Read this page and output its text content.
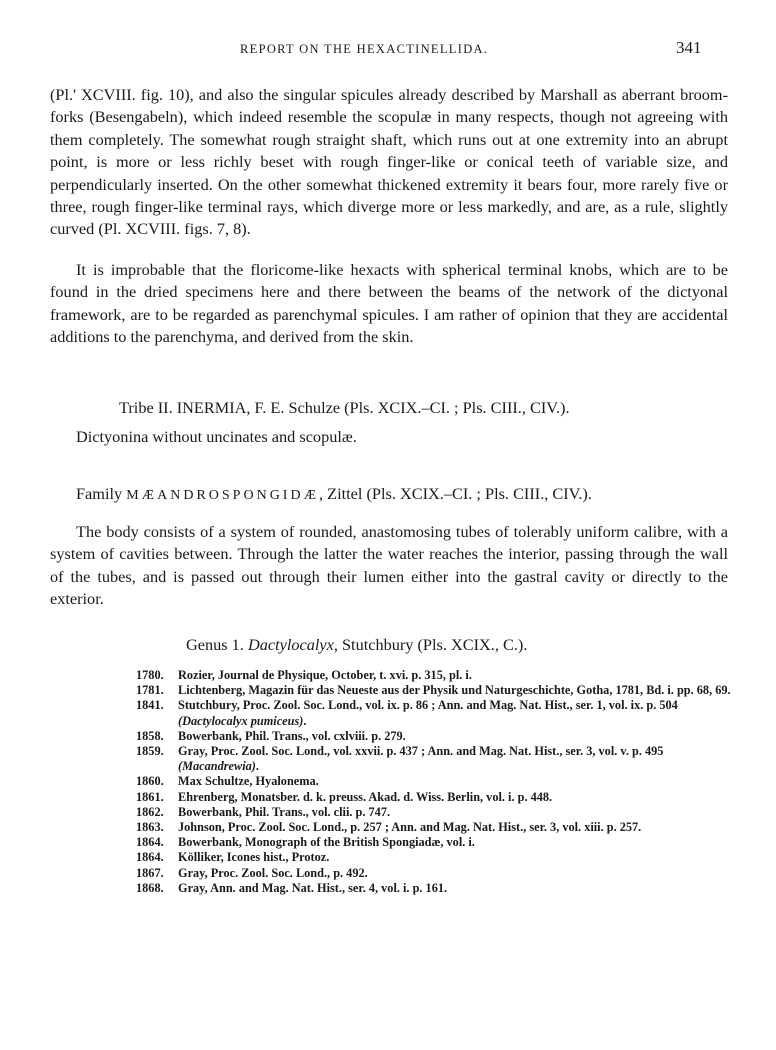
REPORT ON THE HEXACTINELLIDA.	341

(Pl.' XCVIII. fig. 10), and also the singular spicules already described by Marshall as aberrant broom-forks (Besengabeln), which indeed resemble the scopulæ in many respects, though not agreeing with them completely. The somewhat rough straight shaft, which runs out at one extremity into an abrupt point, is more or less richly beset with rough finger-like or conical teeth of variable size, and perpendicularly inserted. On the other somewhat thickened extremity it bears four, more rarely five or three, rough finger-like terminal rays, which diverge more or less markedly, and are, as a rule, slightly curved (Pl. XCVIII. figs. 7, 8).

It is improbable that the floricome-like hexacts with spherical terminal knobs, which are to be found in the dried specimens here and there between the beams of the network of the dictyonal framework, are to be regarded as parenchymal spicules. I am rather of opinion that they are accidental additions to the parenchyma, and derived from the skin.

Tribe II. INERMIA, F. E. Schulze (Pls. XCIX.–CI. ; Pls. CIII., CIV.).
Dictyonina without uncinates and scopulæ.
Family MÆANDROSPONGIDÆ, Zittel (Pls. XCIX.–CI. ; Pls. CIII., CIV.).

The body consists of a system of rounded, anastomosing tubes of tolerably uniform calibre, with a system of cavities between. Through the latter the water reaches the interior, passing through the wall of the tubes, and is passed out through their lumen either into the gastral cavity or directly to the exterior.

Genus 1. Dactylocalyx, Stutchbury (Pls. XCIX., C.).
1780.	Rozier, Journal de Physique, October, t. xvi. p. 315, pl. i.
1781.	Lichtenberg, Magazin für das Neueste aus der Physik und Naturgeschichte, Gotha, 1781, Bd. i. pp. 68, 69.
1841.	Stutchbury, Proc. Zool. Soc. Lond., vol. ix. p. 86 ; Ann. and Mag. Nat. Hist., ser. 1, vol. ix. p. 504 (Dactylocalyx pumiceus).
1858.	Bowerbank, Phil. Trans., vol. cxlviii. p. 279.
1859.	Gray, Proc. Zool. Soc. Lond., vol. xxvii. p. 437 ; Ann. and Mag. Nat. Hist., ser. 3, vol. v. p. 495 (Macandrewia).
1860.	Max Schultze, Hyalonema.
1861.	Ehrenberg, Monatsber. d. k. preuss. Akad. d. Wiss. Berlin, vol. i. p. 448.
1862.	Bowerbank, Phil. Trans., vol. clii. p. 747.
1863.	Johnson, Proc. Zool. Soc. Lond., p. 257 ; Ann. and Mag. Nat. Hist., ser. 3, vol. xiii. p. 257.
1864.	Bowerbank, Monograph of the British Spongiadæ, vol. i.
1864.	Kölliker, Icones hist., Protoz.
1867.	Gray, Proc. Zool. Soc. Lond., p. 492.
1868.	Gray, Ann. and Mag. Nat. Hist., ser. 4, vol. i. p. 161.
